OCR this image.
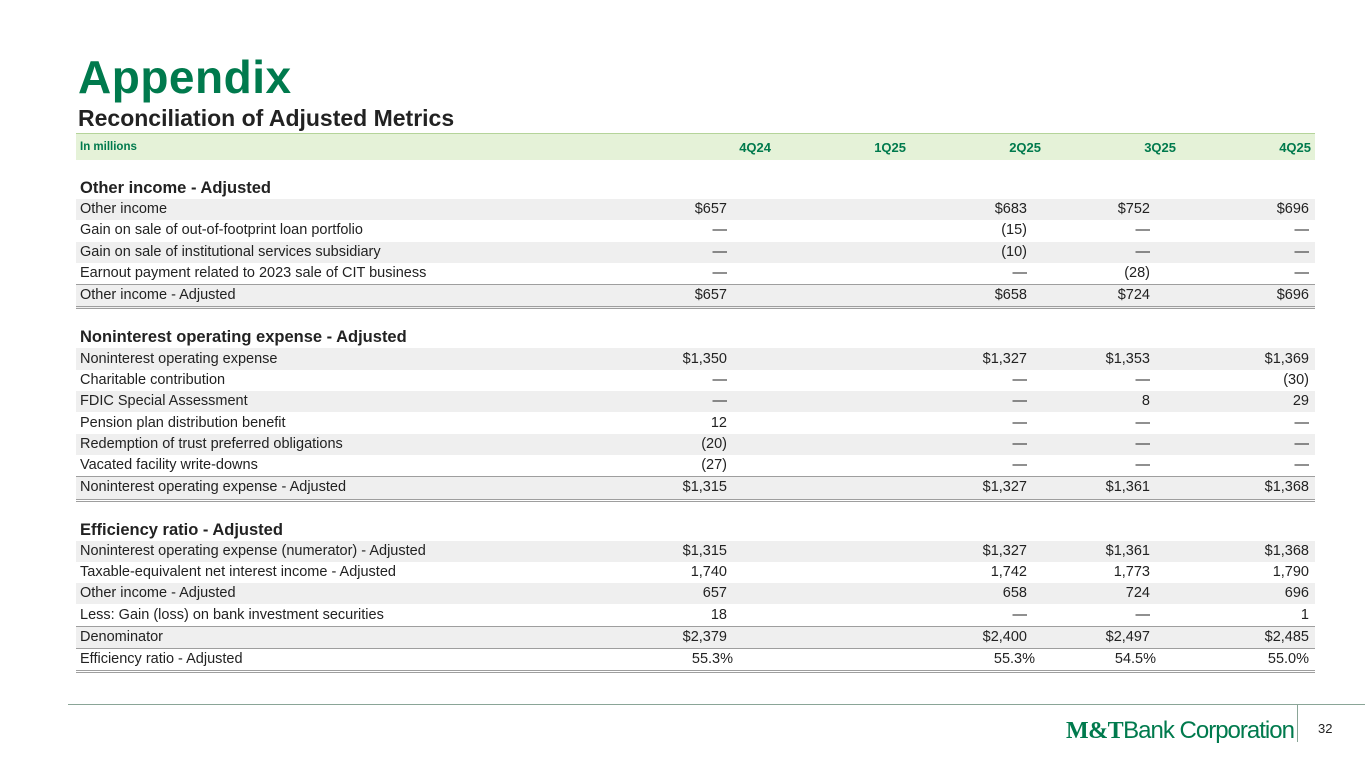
Appendix
Reconciliation of Adjusted Metrics
In millions	4Q24	1Q25	2Q25	3Q25	4Q25

Other income - Adjusted					
Other income	$657		$683	$752	$696
Gain on sale of out-of-footprint loan portfolio	—		(15)	—	—
Gain on sale of institutional services subsidiary	—		(10)	—	—
Earnout payment related to 2023 sale of CIT business	—		—	(28)	—
Other income - Adjusted	$657		$658	$724	$696

Noninterest operating expense - Adjusted					
Noninterest operating expense	$1,350		$1,327	$1,353	$1,369
Charitable contribution	—		—	—	(30)
FDIC Special Assessment	—		—	8	29
Pension plan distribution benefit	12		—	—	—
Redemption of trust preferred obligations	(20)		—	—	—
Vacated facility write-downs	(27)		—	—	—
Noninterest operating expense - Adjusted	$1,315		$1,327	$1,361	$1,368

Efficiency ratio - Adjusted					
Noninterest operating expense (numerator) - Adjusted	$1,315		$1,327	$1,361	$1,368
Taxable-equivalent net interest income - Adjusted	1,740		1,742	1,773	1,790
Other income - Adjusted	657		658	724	696
Less: Gain (loss) on bank investment securities	18		—	—	1
Denominator	$2,379		$2,400	$2,497	$2,485
Efficiency ratio - Adjusted	55.3%		55.3%	54.5%	55.0%
M&TBank Corporation 32
